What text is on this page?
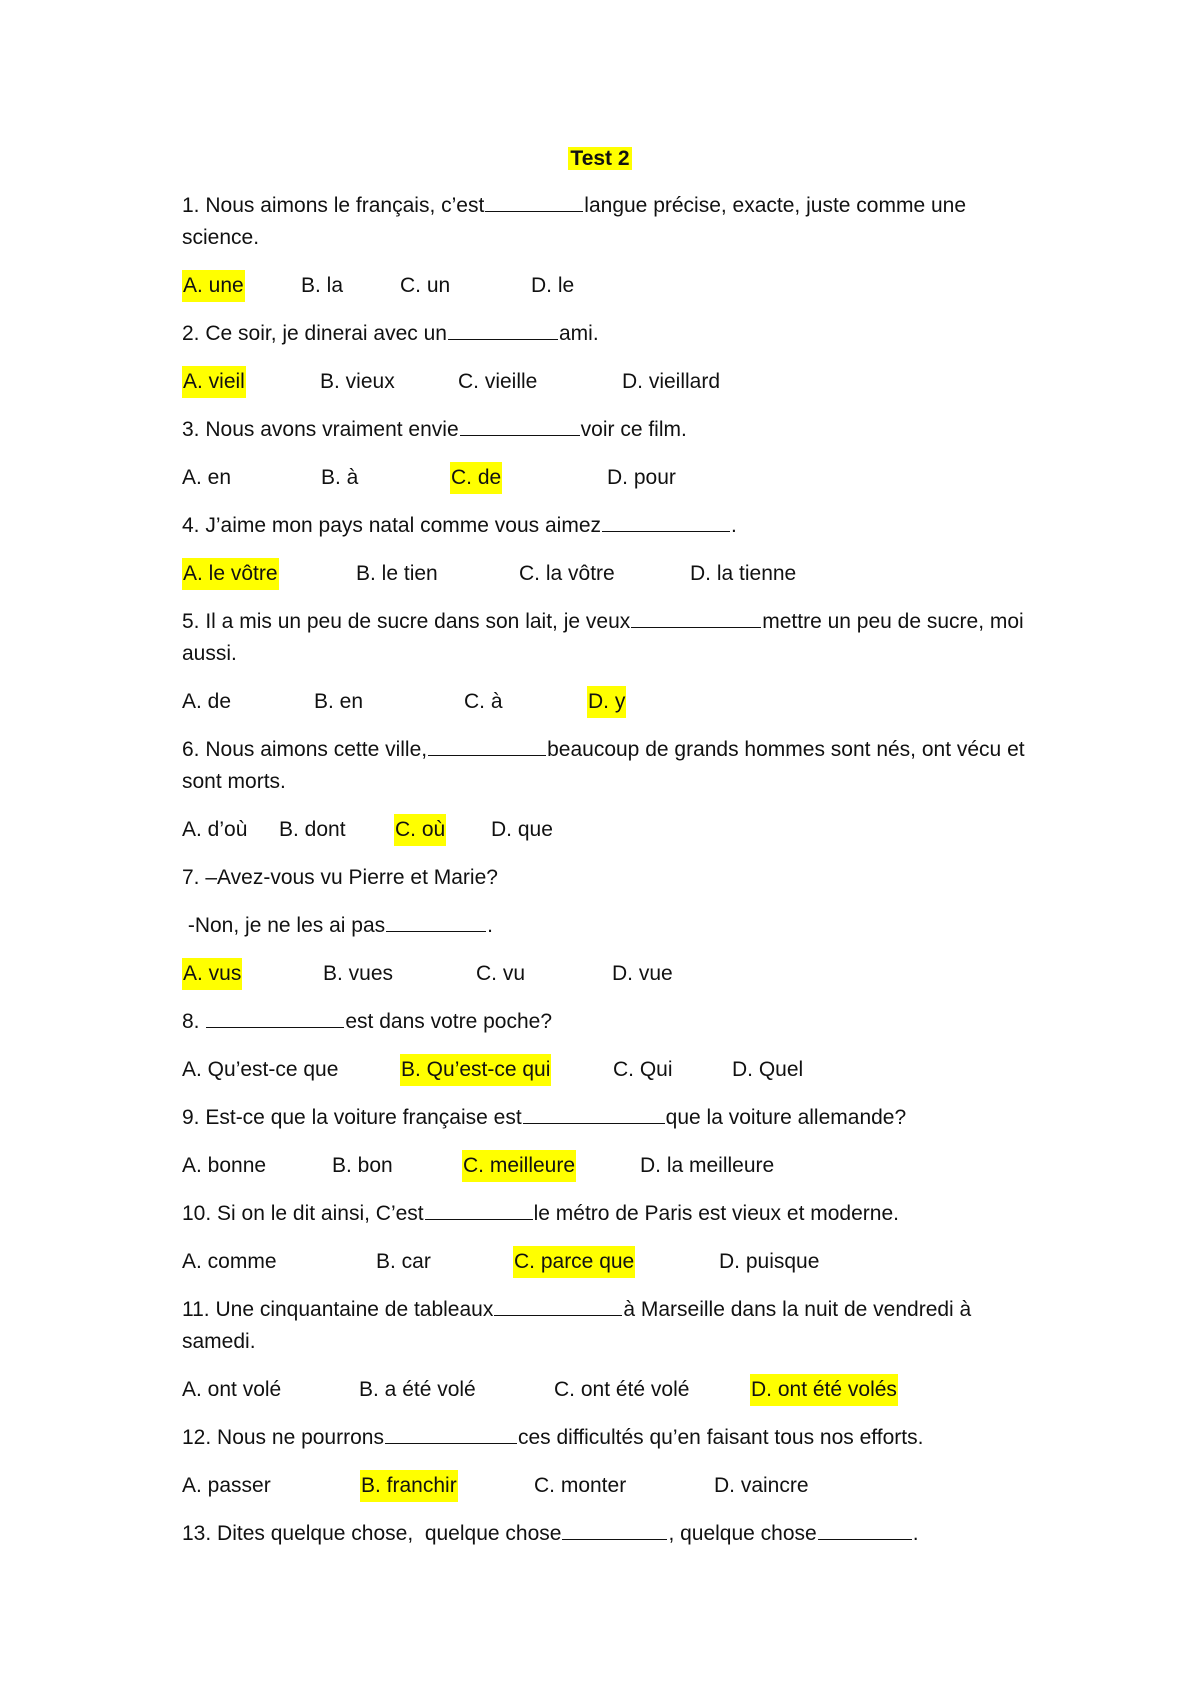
Test 2
1. Nous aimons le français, c’est	langue précise, exacte, juste comme une science.
A. une	B. la	C. un	D. le
2. Ce soir, je dinerai avec un	ami.
A. vieil	B. vieux	C. vieille	D. vieillard
3. Nous avons vraiment envie	voir ce film.
A. en	B. à	C. de	D. pour
4. J’aime mon pays natal comme vous aimez	.
A. le vôtre	B. le tien	C. la vôtre	D. la tienne
5. Il a mis un peu de sucre dans son lait, je veux	mettre un peu de sucre, moi aussi.
A. de	B. en	C. à	D. y
6. Nous aimons cette ville,	beaucoup de grands hommes sont nés, ont vécu et sont morts.
A. d’où B. dont C. où D. que
7. –Avez-vous vu Pierre et Marie?
-Non, je ne les ai pas	.
A. vus	B. vues	C. vu	D. vue
8.	est dans votre poche?
A. Qu’est-ce que	B. Qu’est-ce qui	C. Qui	D. Quel
9. Est-ce que la voiture française est	que la voiture allemande?
A. bonne	B. bon	C. meilleure	D. la meilleure
10. Si on le dit ainsi, C’est	le métro de Paris est vieux et moderne.
A. comme	B. car	C. parce que	D. puisque
11. Une cinquantaine de tableaux	à Marseille dans la nuit de vendredi à samedi.
A. ont volé	B. a été volé	C. ont été volé	D. ont été volés
12. Nous ne pourrons	ces difficultés qu’en faisant tous nos efforts.
A. passer	B. franchir	C. monter	D. vaincre
13. Dites quelque chose,  quelque chose	, quelque chose	.
